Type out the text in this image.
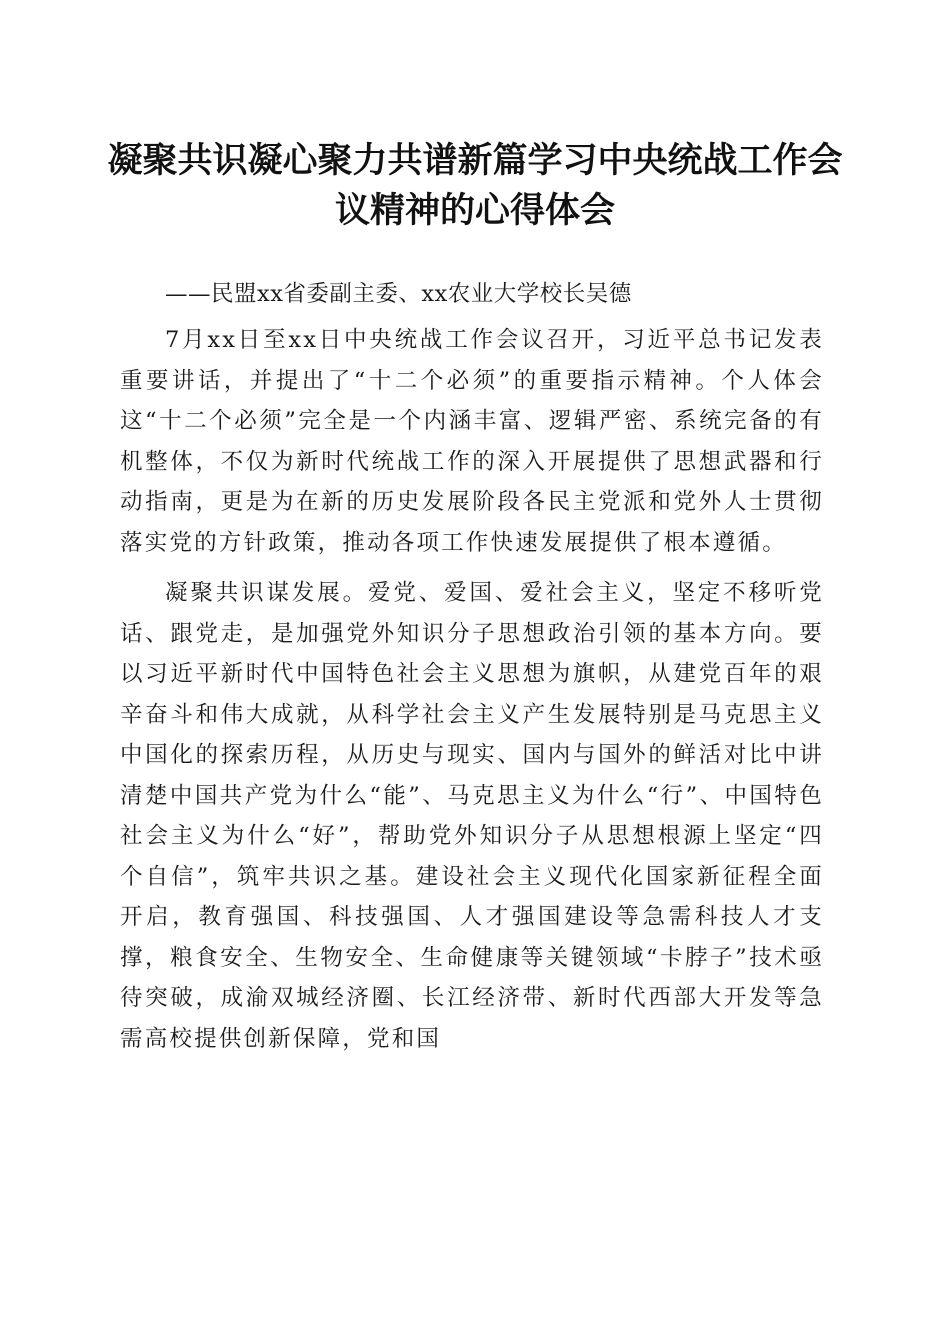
凝聚共识凝心聚力共谱新篇学习中央统战工作会议精神的心得体会

——民盟xx省委副主委、xx农业大学校长吴德

7月xx日至xx日中央统战工作会议召开，习近平总书记发表重要讲话，并提出了“十二个必须”的重要指示精神。个人体会这“十二个必须”完全是一个内涵丰富、逻辑严密、系统完备的有机整体，不仅为新时代统战工作的深入开展提供了思想武器和行动指南，更是为在新的历史发展阶段各民主党派和党外人士贯彻落实党的方针政策，推动各项工作快速发展提供了根本遵循。

凝聚共识谋发展。爱党、爱国、爱社会主义，坚定不移听党话、跟党走，是加强党外知识分子思想政治引领的基本方向。要以习近平新时代中国特色社会主义思想为旗帜，从建党百年的艰辛奋斗和伟大成就，从科学社会主义产生发展特别是马克思主义中国化的探索历程，从历史与现实、国内与国外的鲜活对比中讲清楚中国共产党为什么“能”、马克思主义为什么“行”、中国特色社会主义为什么“好”，帮助党外知识分子从思想根源上坚定“四个自信”，筑牢共识之基。建设社会主义现代化国家新征程全面开启，教育强国、科技强国、人才强国建设等急需科技人才支撑，粮食安全、生物安全、生命健康等关键领域“卡脖子”技术亟待突破，成渝双城经济圈、长江经济带、新时代西部大开发等急需高校提供创新保障，党和国
